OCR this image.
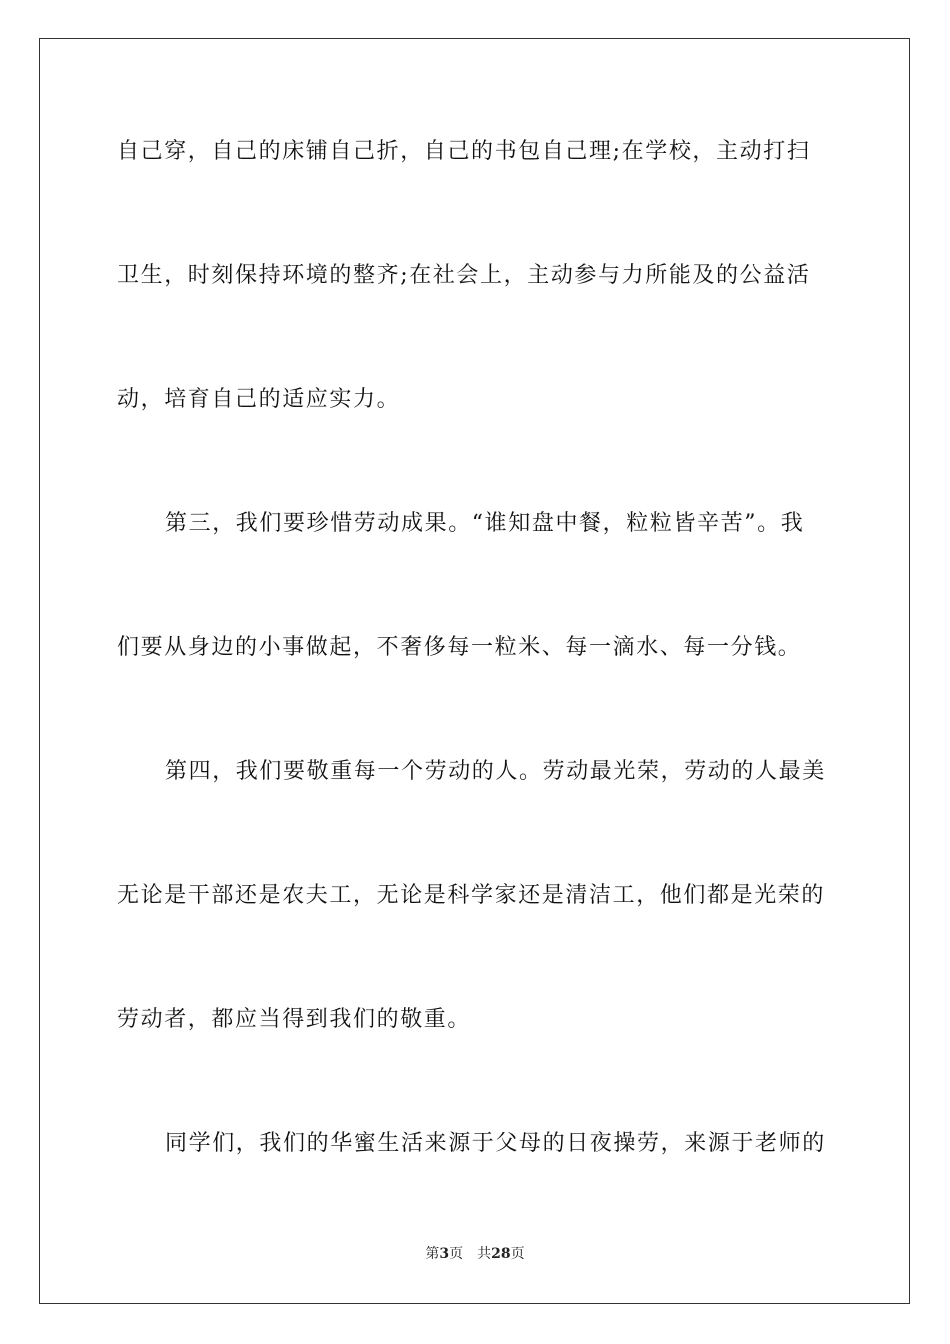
自己穿，自己的床铺自己折，自己的书包自己理;在学校，主动打扫
卫生，时刻保持环境的整齐;在社会上，主动参与力所能及的公益活
动，培育自己的适应实力。
第三，我们要珍惜劳动成果。“谁知盘中餐，粒粒皆辛苦”。我
们要从身边的小事做起，不奢侈每一粒米、每一滴水、每一分钱。
第四，我们要敬重每一个劳动的人。劳动最光荣，劳动的人最美
无论是干部还是农夫工，无论是科学家还是清洁工，他们都是光荣的
劳动者，都应当得到我们的敬重。
同学们，我们的华蜜生活来源于父母的日夜操劳，来源于老师的
第3页 共28页
